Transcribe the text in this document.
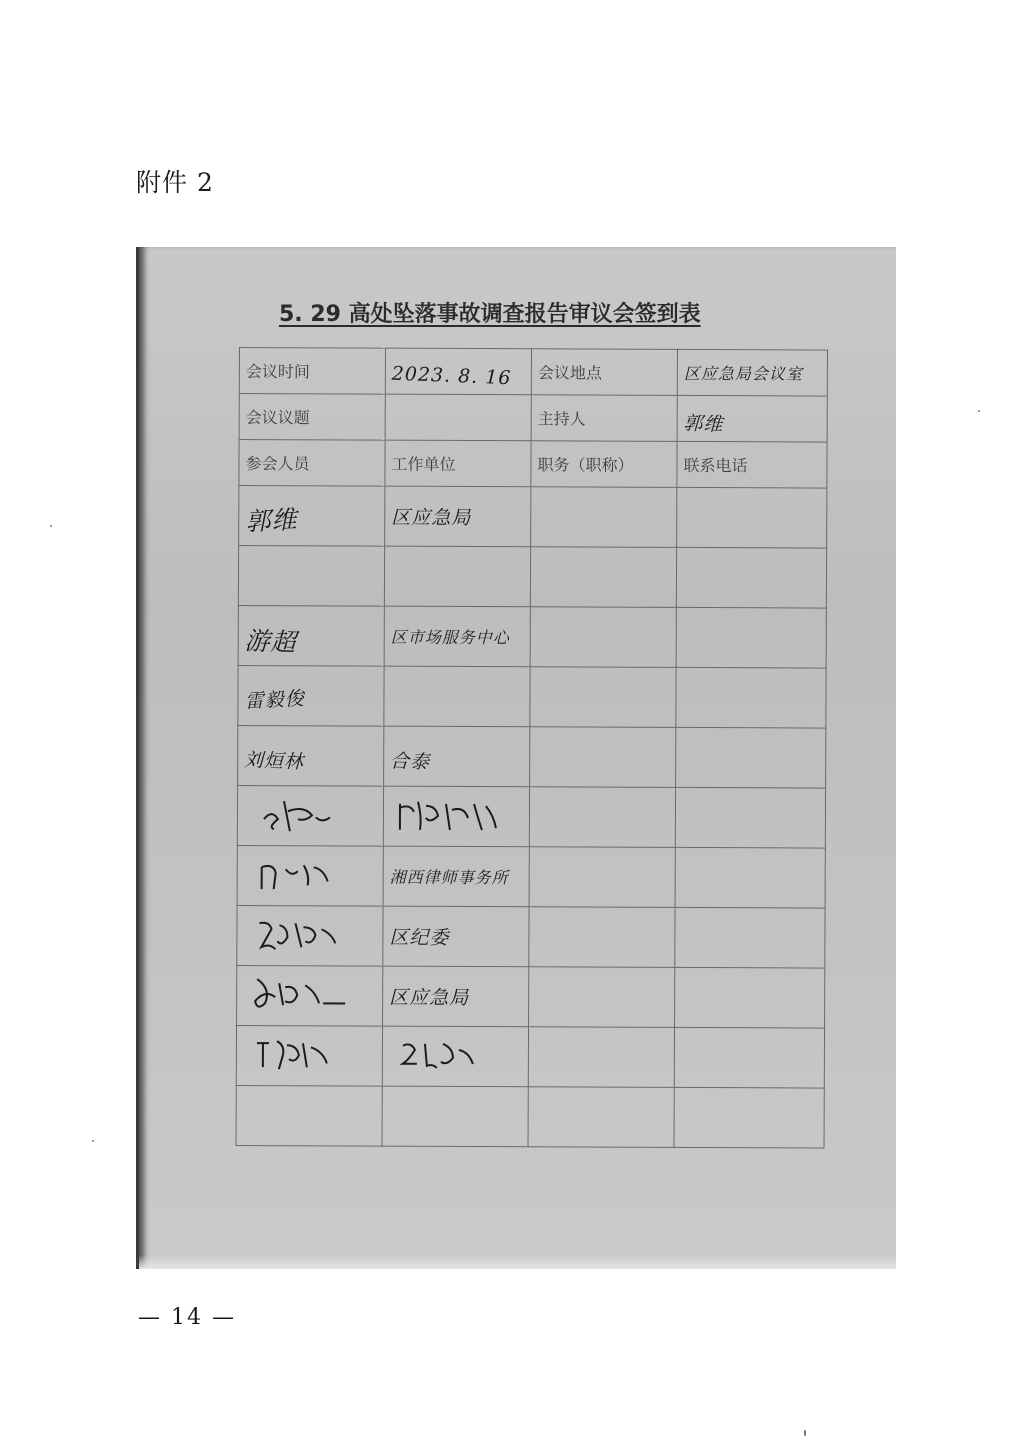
附件 2
5. 29 高处坠落事故调查报告审议会签到表
会议时间	2023. 8. 16	会议地点	区应急局会议室
会议议题		主持人	郭维
参会人员	工作单位	职务（职称）	联系电话
郭维	区应急局		

游超	区市场服务中心		
雷毅俊			
刘烜林	合泰		

	湘西律师事务所		
	区纪委		
	区应急局		

— 14 —
